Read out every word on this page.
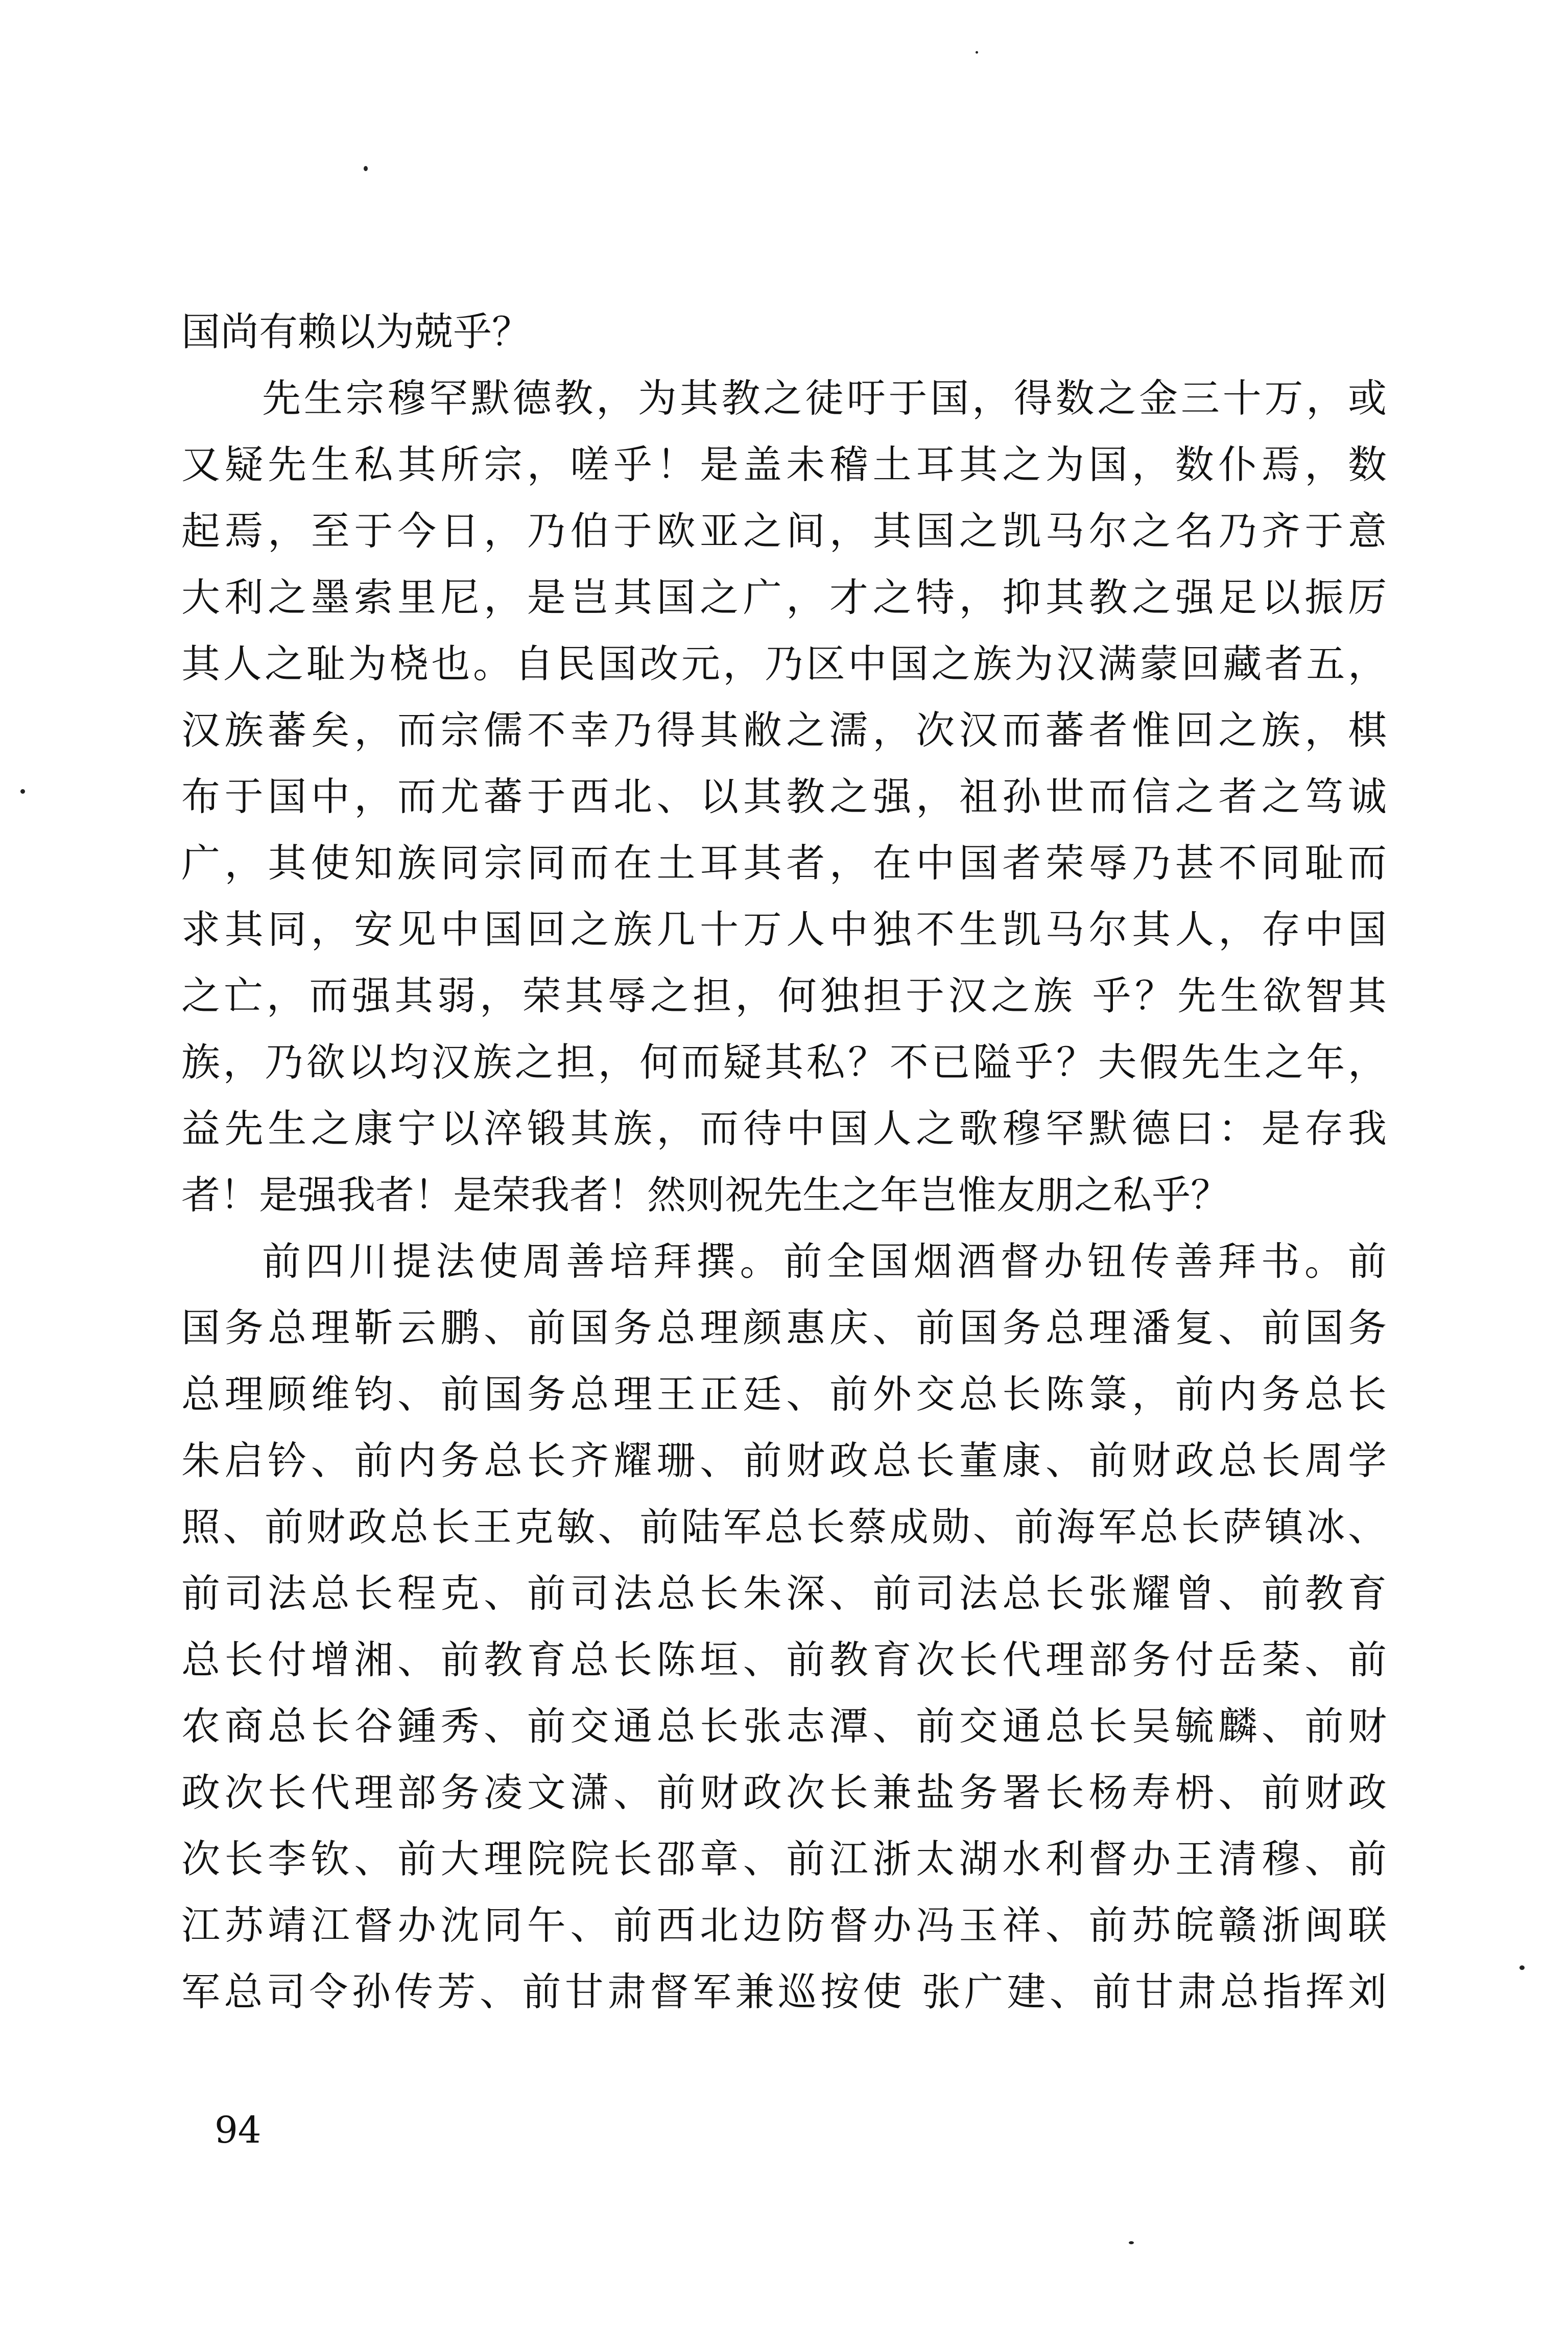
国尚有赖以为兢乎？
先生宗穆罕默德教，为其教之徒吁于国，得数之金三十万，或
又疑先生私其所宗，嗟乎！是盖未稽土耳其之为国，数仆焉，数
起焉，至于今日，乃伯于欧亚之间，其国之凯马尔之名乃齐于意
大利之墨索里尼，是岂其国之广，才之特，抑其教之强足以振厉
其人之耻为桡也。自民国改元，乃区中国之族为汉满蒙回藏者五，
汉族蕃矣，而宗儒不幸乃得其敝之濡，次汉而蕃者惟回之族，棋
布于国中，而尤蕃于西北、以其教之强，祖孙世而信之者之笃诚
广，其使知族同宗同而在土耳其者，在中国者荣辱乃甚不同耻而
求其同，安见中国回之族几十万人中独不生凯马尔其人，存中国
之亡，而强其弱，荣其辱之担，何独担于汉之族 乎？先生欲智其
族，乃欲以均汉族之担，何而疑其私？不已隘乎？夫假先生之年，
益先生之康宁以淬锻其族，而待中国人之歌穆罕默德曰：是存我
者！是强我者！是荣我者！然则祝先生之年岂惟友朋之私乎？
前四川提法使周善培拜撰。前全国烟酒督办钮传善拜书。前
国务总理靳云鹏、前国务总理颜惠庆、前国务总理潘复、前国务
总理顾维钧、前国务总理王正廷、前外交总长陈箓，前内务总长
朱启钤、前内务总长齐耀珊、前财政总长董康、前财政总长周学
照、前财政总长王克敏、前陆军总长蔡成勋、前海军总长萨镇冰、
前司法总长程克、前司法总长朱深、前司法总长张耀曾、前教育
总长付增湘、前教育总长陈垣、前教育次长代理部务付岳棻、前
农商总长谷鍾秀、前交通总长张志潭、前交通总长吴毓麟、前财
政次长代理部务凌文潇、前财政次长兼盐务署长杨寿枬、前财政
次长李钦、前大理院院长邵章、前江浙太湖水利督办王清穆、前
江苏靖江督办沈同午、前西北边防督办冯玉祥、前苏皖赣浙闽联
军总司令孙传芳、前甘肃督军兼巡按使 张广建、前甘肃总指挥刘
94
